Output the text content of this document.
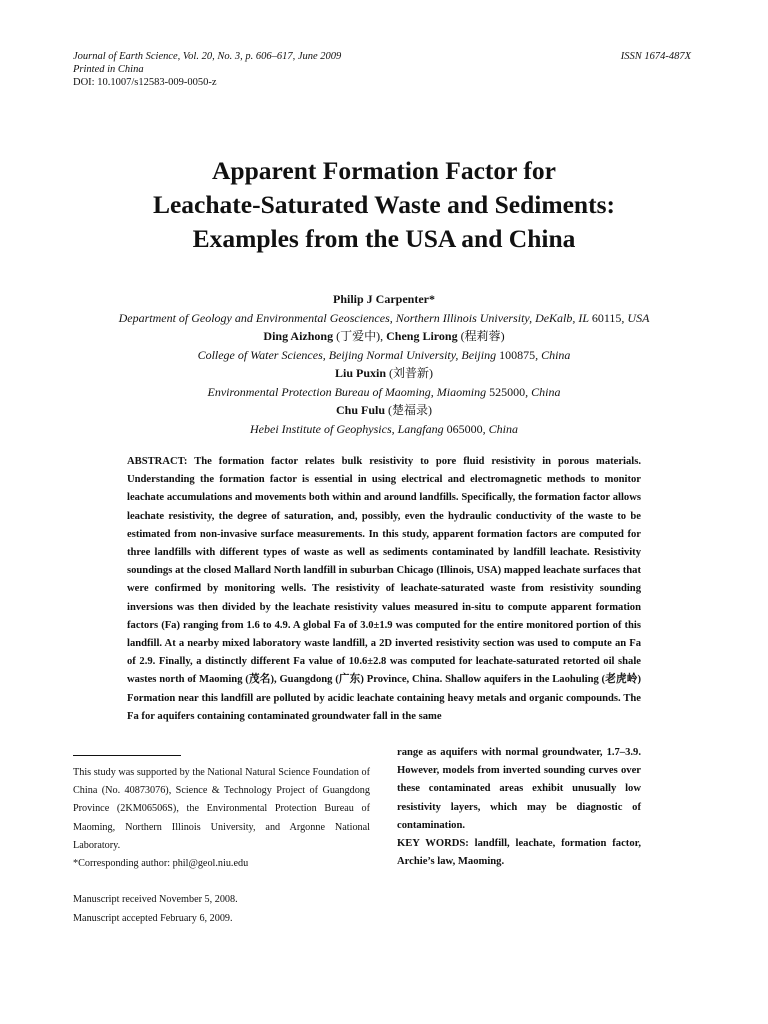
Journal of Earth Science, Vol. 20, No. 3, p. 606–617, June 2009
Printed in China
DOI: 10.1007/s12583-009-0050-z
ISSN 1674-487X
Apparent Formation Factor for
Leachate-Saturated Waste and Sediments:
Examples from the USA and China
Philip J Carpenter*
Department of Geology and Environmental Geosciences, Northern Illinois University, DeKalb, IL 60115, USA
Ding Aizhong (丁爱中), Cheng Lirong (程莉蓉)
College of Water Sciences, Beijing Normal University, Beijing 100875, China
Liu Puxin (刘普新)
Environmental Protection Bureau of Maoming, Miaoming 525000, China
Chu Fulu (楚福录)
Hebei Institute of Geophysics, Langfang 065000, China

ABSTRACT: The formation factor relates bulk resistivity to pore fluid resistivity in porous materials. Understanding the formation factor is essential in using electrical and electromagnetic methods to monitor leachate accumulations and movements both within and around landfills. Specifically, the formation factor allows leachate resistivity, the degree of saturation, and, possibly, even the hydraulic conductivity of the waste to be estimated from non-invasive surface measurements. In this study, apparent formation factors are computed for three landfills with different types of waste as well as sediments contaminated by landfill leachate. Resistivity soundings at the closed Mallard North landfill in suburban Chicago (Illinois, USA) mapped leachate surfaces that were confirmed by monitoring wells. The resistivity of leachate-saturated waste from resistivity sounding inversions was then divided by the leachate resistivity values measured in-situ to compute apparent formation factors (Fa) ranging from 1.6 to 4.9. A global Fa of 3.0±1.9 was computed for the entire monitored portion of this landfill. At a nearby mixed laboratory waste landfill, a 2D inverted resistivity section was used to compute an Fa of 2.9. Finally, a distinctly different Fa value of 10.6±2.8 was computed for leachate-saturated retorted oil shale wastes north of Maoming (茂名), Guangdong (广东) Province, China. Shallow aquifers in the Laohuling (老虎岭) Formation near this landfill are polluted by acidic leachate containing heavy metals and organic compounds. The Fa for aquifers containing contaminated groundwater fall in the same

This study was supported by the National Natural Science Foundation of China (No. 40873076), Science & Technology Project of Guangdong Province (2KM06506S), the Environmental Protection Bureau of Maoming, Northern Illinois University, and Argonne National Laboratory.

*Corresponding author: phil@geol.niu.edu

Manuscript received November 5, 2008.

Manuscript accepted February 6, 2009.

range as aquifers with normal groundwater, 1.7–3.9. However, models from inverted sounding curves over these contaminated areas exhibit unusually low resistivity layers, which may be diagnostic of contamination.

KEY WORDS: landfill, leachate, formation factor, Archie’s law, Maoming.
